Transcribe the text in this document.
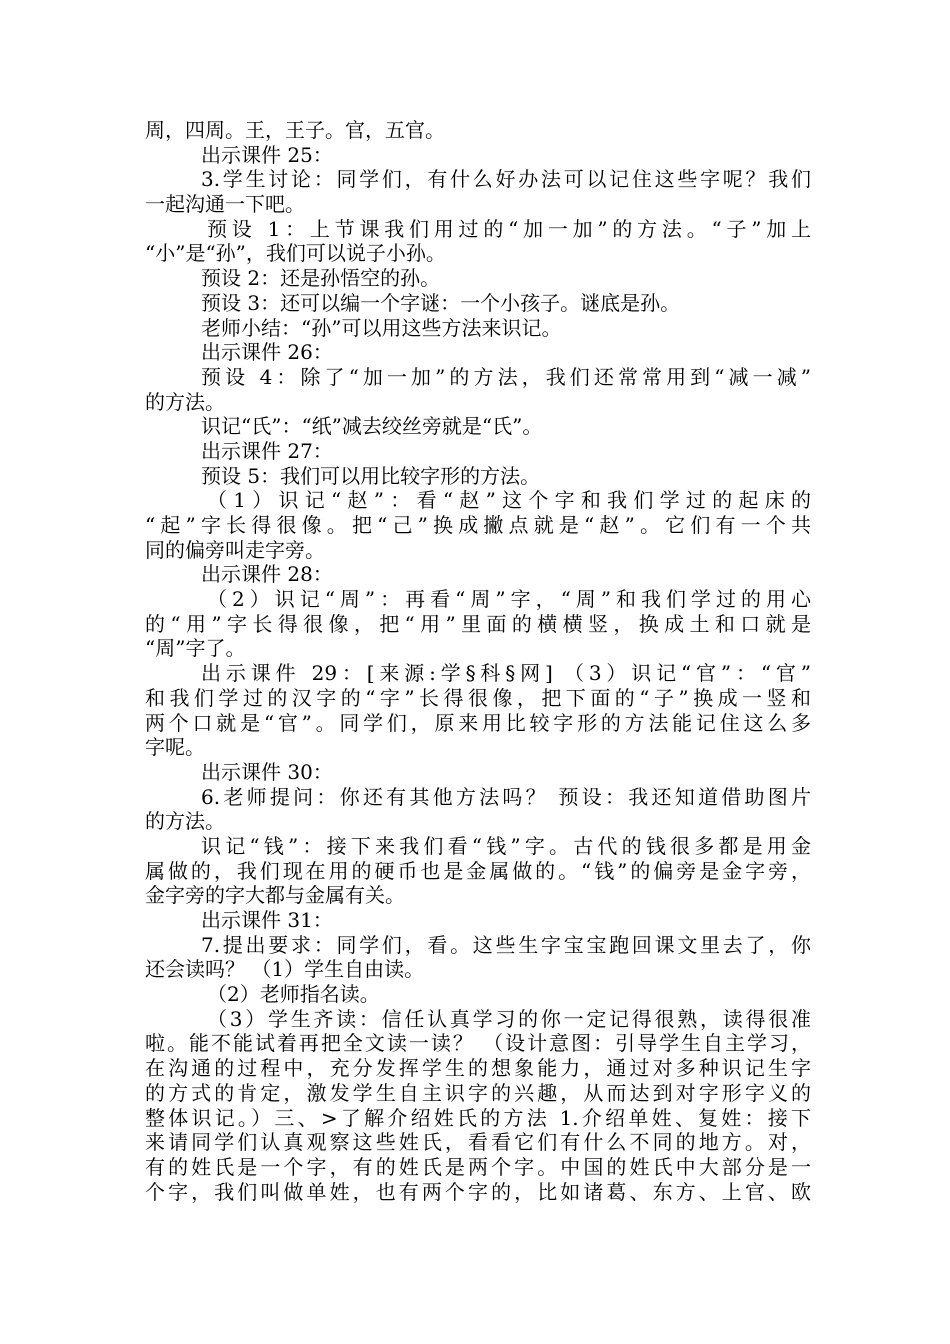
周，四周。王，王子。官，五官。
出示课件 25：
3.学生讨论：同学们，有什么好办法可以记住这些字呢？我们
一起沟通一下吧。
预设 1：上节课我们用过的“加一加”的方法。“子”加上
“小”是“孙”，我们可以说子小孙。
预设 2：还是孙悟空的孙。
预设 3：还可以编一个字谜：一个小孩子。谜底是孙。
老师小结：“孙”可以用这些方法来识记。
出示课件 26：
预设 4：除了“加一加”的方法，我们还常常用到“减一减”
的方法。
识记“氏”：“纸”减去绞丝旁就是“氏”。
出示课件 27：
预设 5：我们可以用比较字形的方法。
（1）识记“赵”：看“赵”这个字和我们学过的起床的
“起”字长得很像。把“己”换成撇点就是“赵”。它们有一个共
同的偏旁叫走字旁。
出示课件 28：
（2）识记“周”：再看“周”字，“周”和我们学过的用心
的“用”字长得很像，把“用”里面的横横竖，换成土和口就是
“周”字了。
出示课件 29：[来源:学§科§网] （3）识记“官”：“官”
和我们学过的汉字的“字”长得很像，把下面的“子”换成一竖和
两个口就是“官”。同学们，原来用比较字形的方法能记住这么多
字呢。
出示课件 30：
6.老师提问：你还有其他方法吗？ 预设：我还知道借助图片
的方法。
识记“钱”：接下来我们看“钱”字。古代的钱很多都是用金
属做的，我们现在用的硬币也是金属做的。“钱”的偏旁是金字旁，
金字旁的字大都与金属有关。
出示课件 31：
7.提出要求：同学们，看。这些生字宝宝跑回课文里去了，你
还会读吗？ （1）学生自由读。
（2）老师指名读。
（3）学生齐读：信任认真学习的你一定记得很熟，读得很准
啦。能不能试着再把全文读一读？ （设计意图：引导学生自主学习，
在沟通的过程中，充分发挥学生的想象能力，通过对多种识记生字
的方式的肯定，激发学生自主识字的兴趣，从而达到对字形字义的
整体识记。）三、>了解介绍姓氏的方法 1.介绍单姓、复姓：接下
来请同学们认真观察这些姓氏，看看它们有什么不同的地方。对，
有的姓氏是一个字，有的姓氏是两个字。中国的姓氏中大部分是一
个字，我们叫做单姓，也有两个字的，比如诸葛、东方、上官、欧
